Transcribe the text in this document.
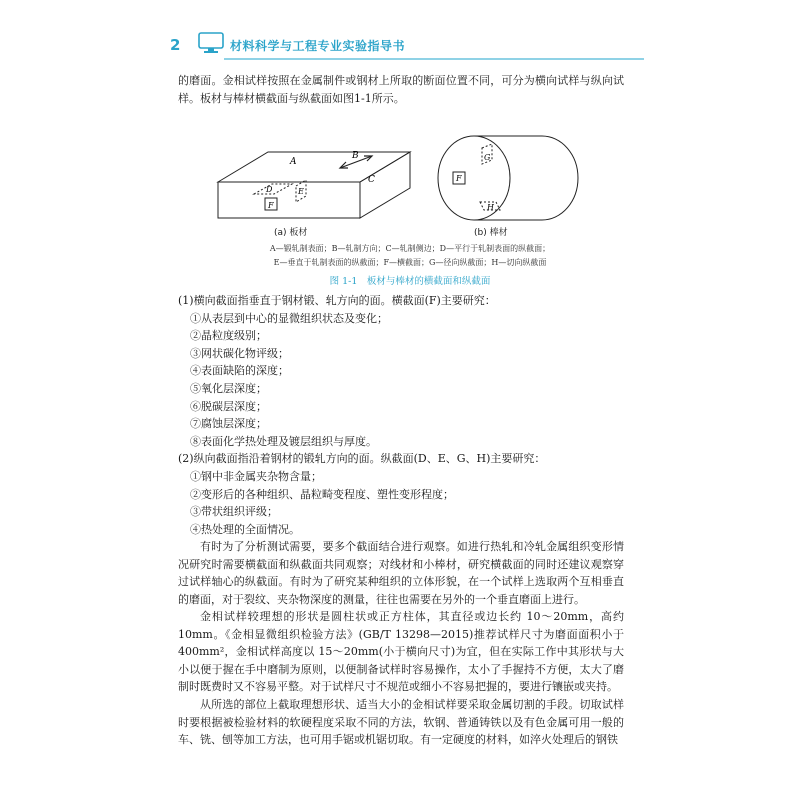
2	材料科学与工程专业实验指导书

的磨面。金相试样按照在金属制件或钢材上所取的断面位置不同，可分为横向试样与纵向试样。板材与棒材横截面与纵截面如图1-1所示。

A
B
C
D	E
F
G
F
H
(a) 板材	(b) 棒材
A—锻轧制表面；B—轧制方向；C—轧制侧边；D—平行于轧制表面的纵截面；
E—垂直于轧制表面的纵截面；F—横截面；G—径向纵截面；H—切向纵截面
图 1-1　板材与棒材的横截面和纵截面
(1)横向截面指垂直于钢材锻、轧方向的面。横截面(F)主要研究：
①从表层到中心的显微组织状态及变化；
②晶粒度级别；
③网状碳化物评级；
④表面缺陷的深度；
⑤氧化层深度；
⑥脱碳层深度；
⑦腐蚀层深度；
⑧表面化学热处理及镀层组织与厚度。
(2)纵向截面指沿着钢材的锻轧方向的面。纵截面(D、E、G、H)主要研究：
①钢中非金属夹杂物含量；
②变形后的各种组织、晶粒畸变程度、塑性变形程度；
③带状组织评级；
④热处理的全面情况。

有时为了分析测试需要，要多个截面结合进行观察。如进行热轧和冷轧金属组织变形情况研究时需要横截面和纵截面共同观察；对线材和小棒材，研究横截面的同时还建议观察穿过试样轴心的纵截面。有时为了研究某种组织的立体形貌，在一个试样上选取两个互相垂直的磨面，对于裂纹、夹杂物深度的测量，往往也需要在另外的一个垂直磨面上进行。

金相试样较理想的形状是圆柱状或正方柱体，其直径或边长约 10～20mm，高约10mm。《金相显微组织检验方法》(GB/T 13298—2015)推荐试样尺寸为磨面面积小于400mm²，金相试样高度以 15～20mm(小于横向尺寸)为宜，但在实际工作中其形状与大小以便于握在手中磨制为原则，以便制备试样时容易操作，太小了手握持不方便，太大了磨制时既费时又不容易平整。对于试样尺寸不规范或细小不容易把握的，要进行镶嵌或夹持。

从所选的部位上截取理想形状、适当大小的金相试样要采取金属切割的手段。切取试样时要根据被检验材料的软硬程度采取不同的方法，软钢、普通铸铁以及有色金属可用一般的车、铣、刨等加工方法，也可用手锯或机锯切取。有一定硬度的材料，如淬火处理后的钢铁
